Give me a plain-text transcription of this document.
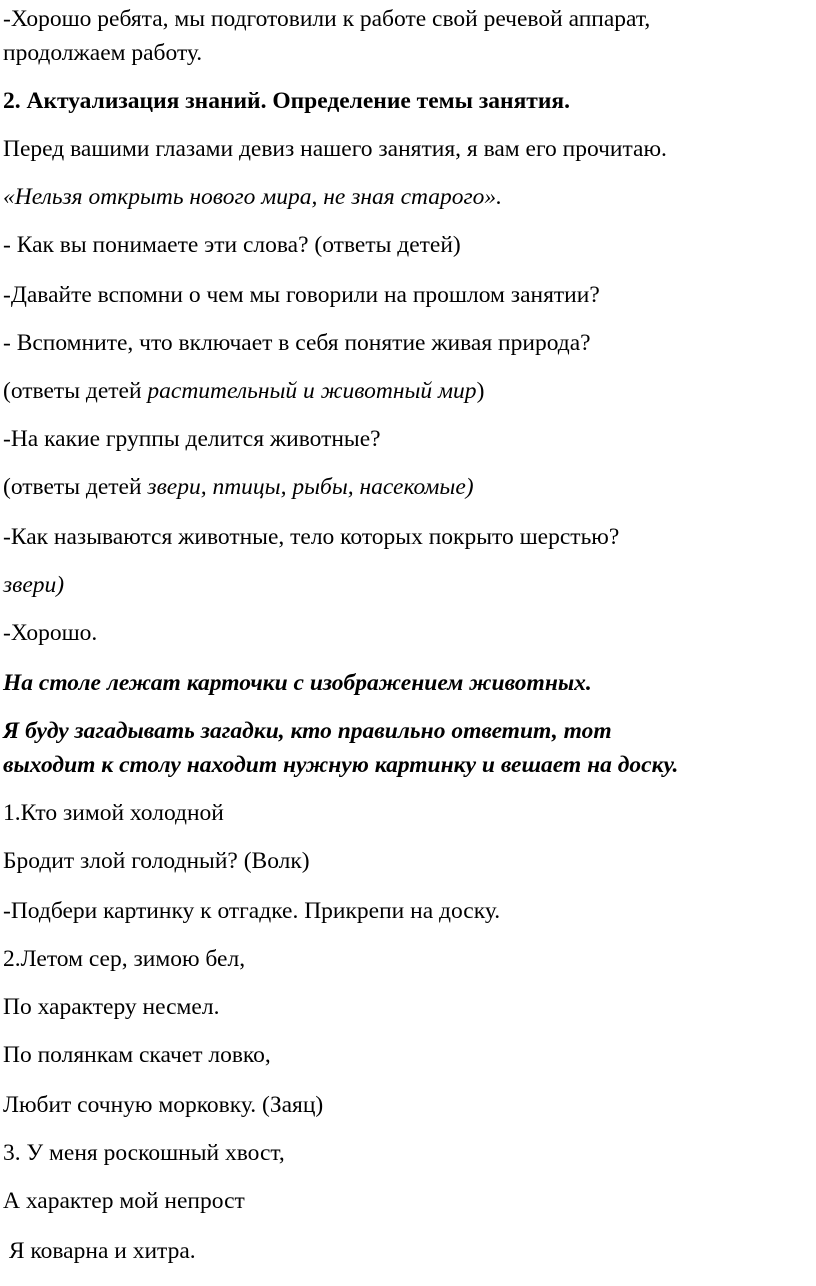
-Хорошо ребята, мы подготовили к работе свой речевой аппарат,

продолжаем работу.

2. Актуализация знаний. Определение темы занятия.

Перед вашими глазами девиз нашего занятия, я вам его прочитаю.

«Нельзя открыть нового мира, не зная старого».

- Как вы понимаете эти слова? (ответы детей)

-Давайте вспомни о чем мы говорили на прошлом занятии?

- Вспомните, что включает в себя понятие живая природа?

(ответы детей растительный и животный мир)

-На какие группы делится животные?

(ответы детей звери, птицы, рыбы, насекомые)

-Как называются животные, тело которых покрыто шерстью?

звери)

-Хорошо.

На столе лежат карточки с изображением животных.

Я буду загадывать загадки, кто правильно ответит, тот

выходит к столу находит нужную картинку и вешает на доску.

1.Кто зимой холодной

Бродит злой голодный? (Волк)

-Подбери картинку к отгадке. Прикрепи на доску.

2.Летом сер, зимою бел,

По характеру несмел.

По полянкам скачет ловко,

Любит сочную морковку. (Заяц)

3. У меня роскошный хвост,

А характер мой непрост

Я коварна и хитра.
